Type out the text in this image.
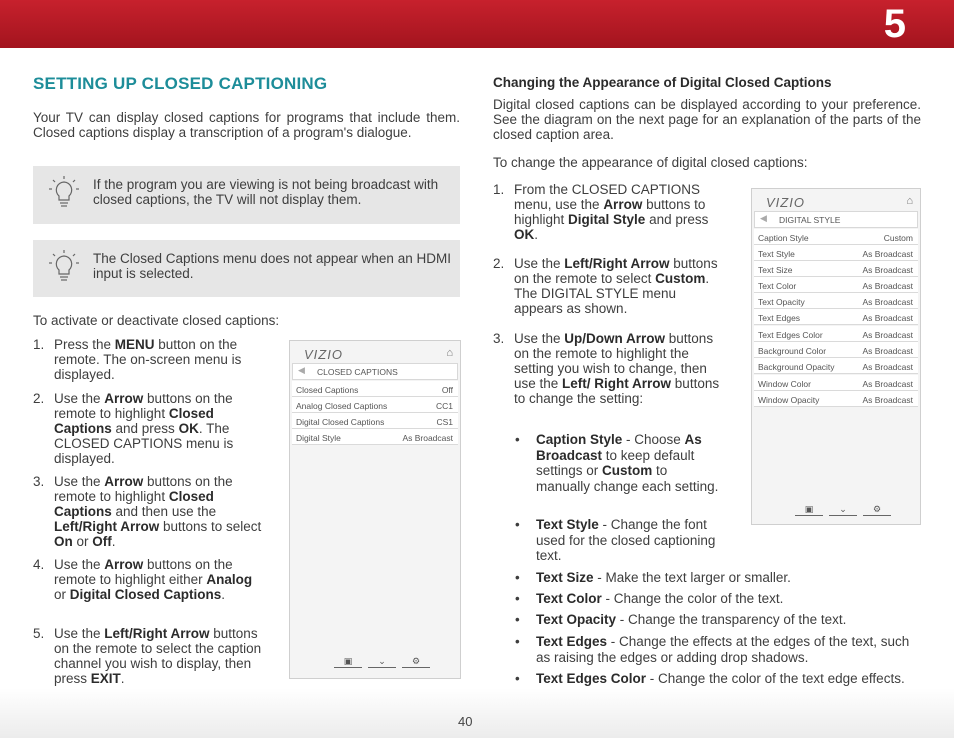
5
SETTING UP CLOSED CAPTIONING
Your TV can display closed captions for programs that include them. Closed captions display a transcription of a program's dialogue.
If the program you are viewing is not being broadcast with closed captions, the TV will not display them.
The Closed Captions menu does not appear when an HDMI input is selected.
To activate or deactivate closed captions:
1. Press the MENU button on the remote. The on-screen menu is displayed.
2. Use the Arrow buttons on the remote to highlight Closed Captions and press OK. The CLOSED CAPTIONS menu is displayed.
3. Use the Arrow buttons on the remote to highlight Closed Captions and then use the Left/Right Arrow buttons to select On or Off.
4. Use the Arrow buttons on the remote to highlight either Analog or Digital Closed Captions.
5. Use the Left/Right Arrow buttons on the remote to select the caption channel you wish to display, then press EXIT.
VIZIO	⌂
◀ CLOSED CAPTIONS
Closed Captions	Off
Analog Closed Captions	CC1
Digital Closed Captions	CS1
Digital Style	As Broadcast
▣	⌄	⚙
Changing the Appearance of Digital Closed Captions
Digital closed captions can be displayed according to your preference. See the diagram on the next page for an explanation of the parts of the closed caption area.
To change the appearance of digital closed captions:
1. From the CLOSED CAPTIONS menu, use the Arrow buttons to highlight Digital Style and press OK.
2. Use the Left/Right Arrow buttons on the remote to select Custom. The DIGITAL STYLE menu appears as shown.
3. Use the Up/Down Arrow buttons on the remote to highlight the setting you wish to change, then use the Left/ Right Arrow buttons to change the setting:
• Caption Style - Choose As Broadcast to keep default settings or Custom to manually change each setting.
• Text Style - Change the font used for the closed captioning text.
• Text Size - Make the text larger or smaller.
• Text Color - Change the color of the text.
• Text Opacity - Change the transparency of the text.
• Text Edges - Change the effects at the edges of the text, such as raising the edges or adding drop shadows.
• Text Edges Color - Change the color of the text edge effects.
VIZIO	⌂
◀ DIGITAL STYLE
Caption Style	Custom
Text Style	As Broadcast
Text Size	As Broadcast
Text Color	As Broadcast
Text Opacity	As Broadcast
Text Edges	As Broadcast
Text Edges Color	As Broadcast
Background Color	As Broadcast
Background Opacity	As Broadcast
Window Color	As Broadcast
Window Opacity	As Broadcast
▣	⌄	⚙
40
